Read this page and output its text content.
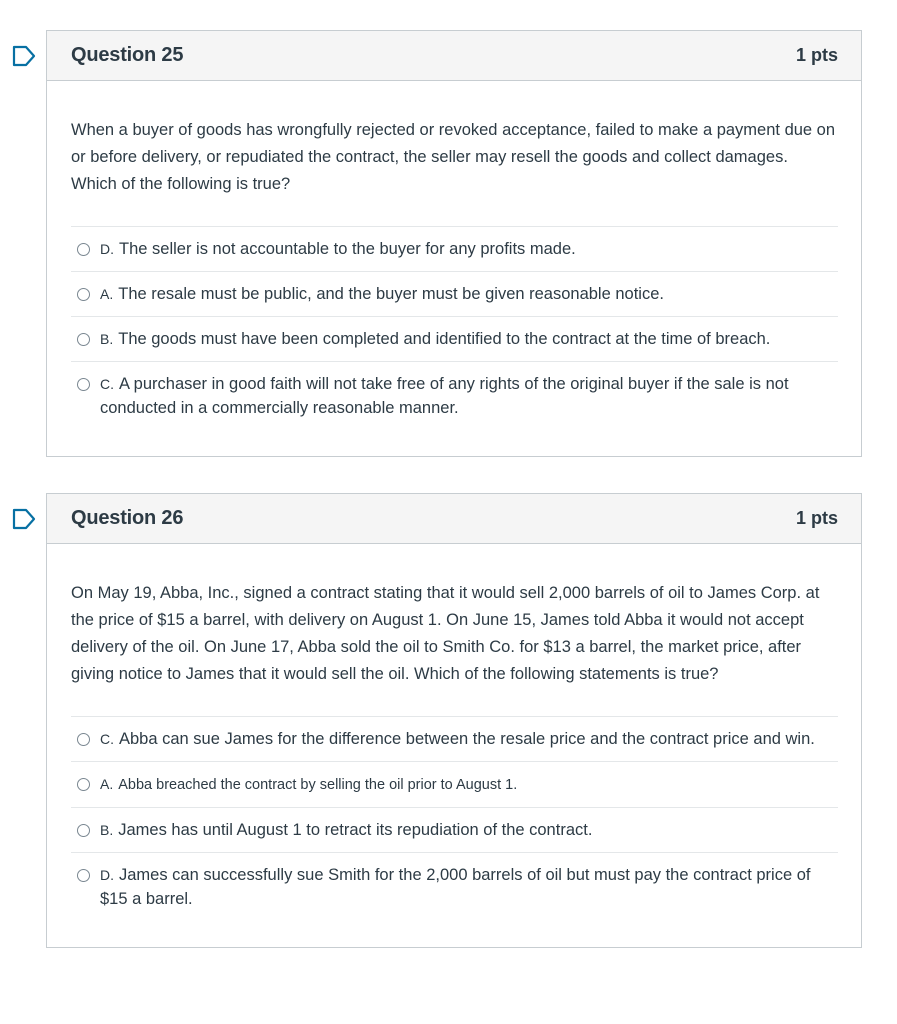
Question 25	1 pts

When a buyer of goods has wrongfully rejected or revoked acceptance, failed to make a payment due on or before delivery, or repudiated the contract, the seller may resell the goods and collect damages. Which of the following is true?

D. The seller is not accountable to the buyer for any profits made.
A. The resale must be public, and the buyer must be given reasonable notice.
B. The goods must have been completed and identified to the contract at the time of breach.
C. A purchaser in good faith will not take free of any rights of the original buyer if the sale is not conducted in a commercially reasonable manner.
Question 26	1 pts

On May 19, Abba, Inc., signed a contract stating that it would sell 2,000 barrels of oil to James Corp. at the price of $15 a barrel, with delivery on August 1. On June 15, James told Abba it would not accept delivery of the oil. On June 17, Abba sold the oil to Smith Co. for $13 a barrel, the market price, after giving notice to James that it would sell the oil. Which of the following statements is true?

C. Abba can sue James for the difference between the resale price and the contract price and win.
A. Abba breached the contract by selling the oil prior to August 1.
B. James has until August 1 to retract its repudiation of the contract.
D. James can successfully sue Smith for the 2,000 barrels of oil but must pay the contract price of $15 a barrel.
